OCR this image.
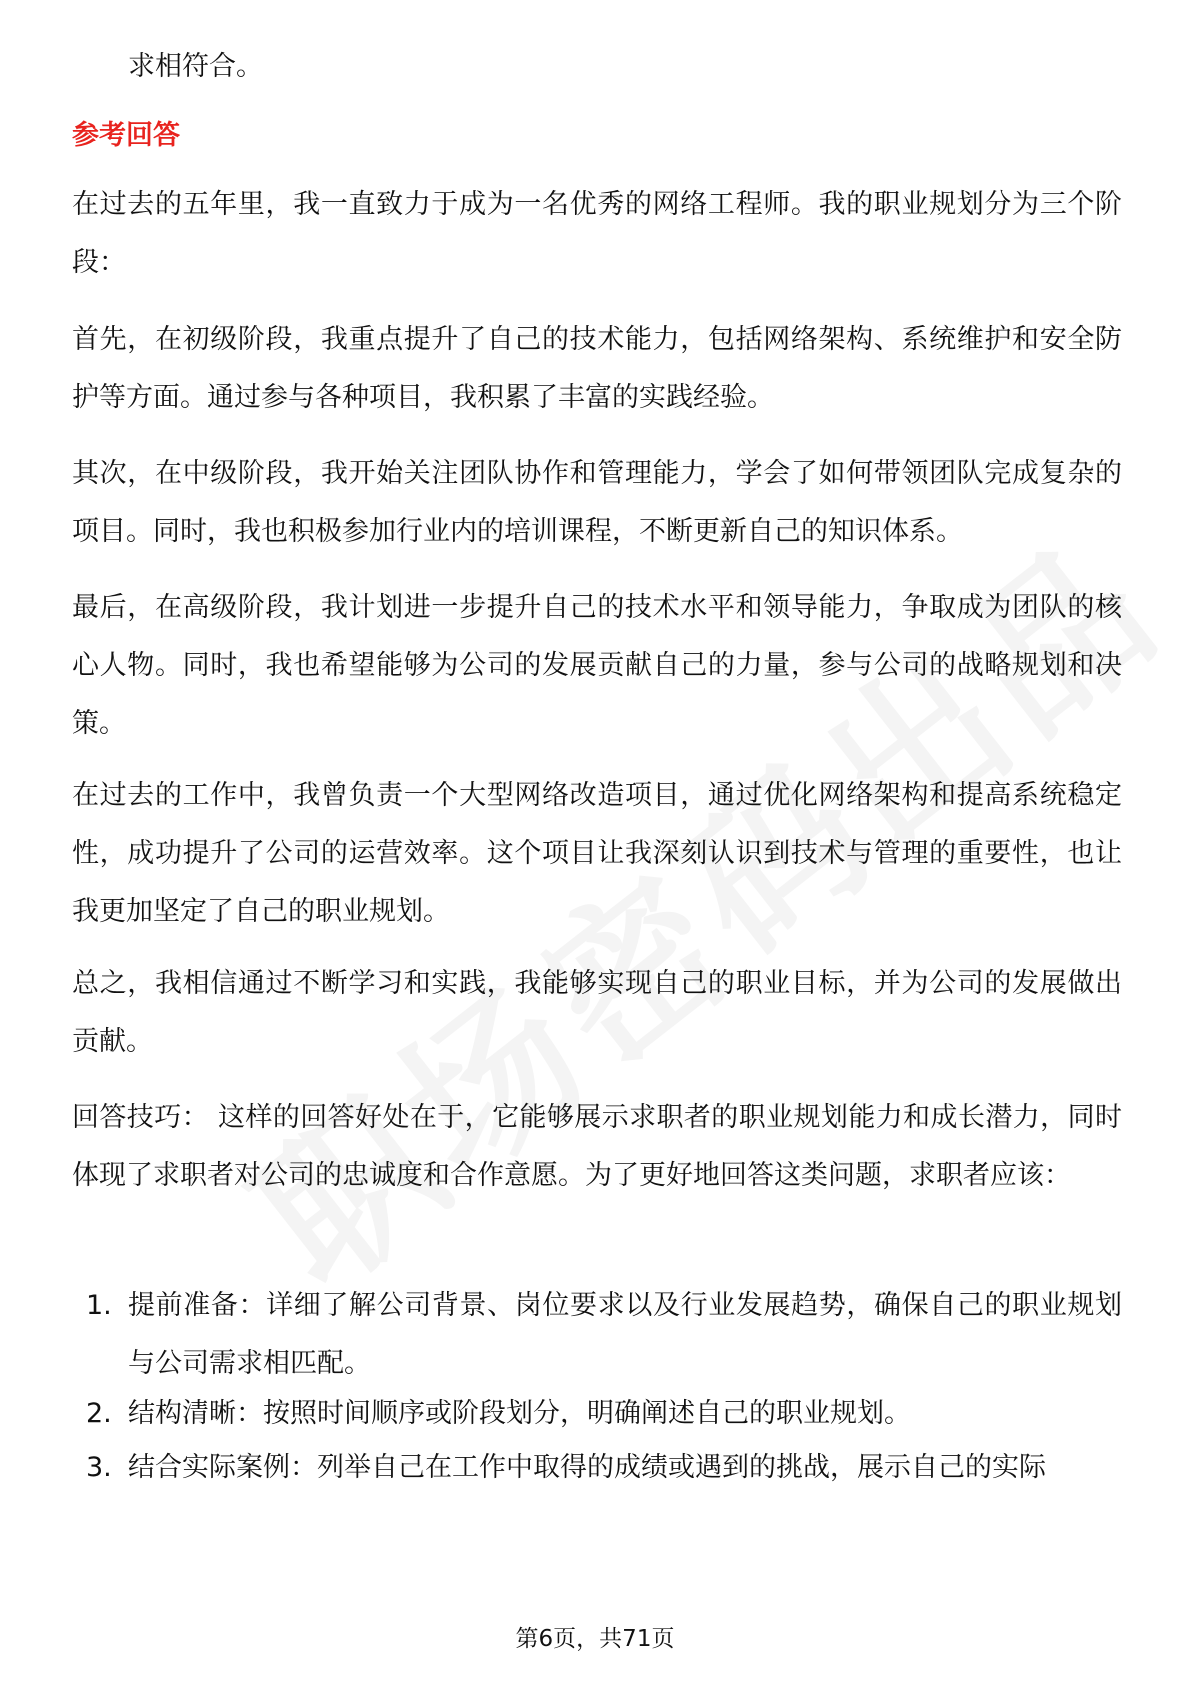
求相符合。

参考回答

在过去的五年里，我一直致力于成为一名优秀的网络工程师。我的职业规划分为三个阶段：

首先，在初级阶段，我重点提升了自己的技术能力，包括网络架构、系统维护和安全防护等方面。通过参与各种项目，我积累了丰富的实践经验。

其次，在中级阶段，我开始关注团队协作和管理能力，学会了如何带领团队完成复杂的项目。同时，我也积极参加行业内的培训课程，不断更新自己的知识体系。

最后，在高级阶段，我计划进一步提升自己的技术水平和领导能力，争取成为团队的核心人物。同时，我也希望能够为公司的发展贡献自己的力量，参与公司的战略规划和决策。

在过去的工作中，我曾负责一个大型网络改造项目，通过优化网络架构和提高系统稳定性，成功提升了公司的运营效率。这个项目让我深刻认识到技术与管理的重要性，也让我更加坚定了自己的职业规划。

总之，我相信通过不断学习和实践，我能够实现自己的职业目标，并为公司的发展做出贡献。

回答技巧： 这样的回答好处在于，它能够展示求职者的职业规划能力和成长潜力，同时体现了求职者对公司的忠诚度和合作意愿。为了更好地回答这类问题，求职者应该：

1. 提前准备：详细了解公司背景、岗位要求以及行业发展趋势，确保自己的职业规划与公司需求相匹配。
2. 结构清晰：按照时间顺序或阶段划分，明确阐述自己的职业规划。
3. 结合实际案例：列举自己在工作中取得的成绩或遇到的挑战，展示自己的实际
第6页，共71页
